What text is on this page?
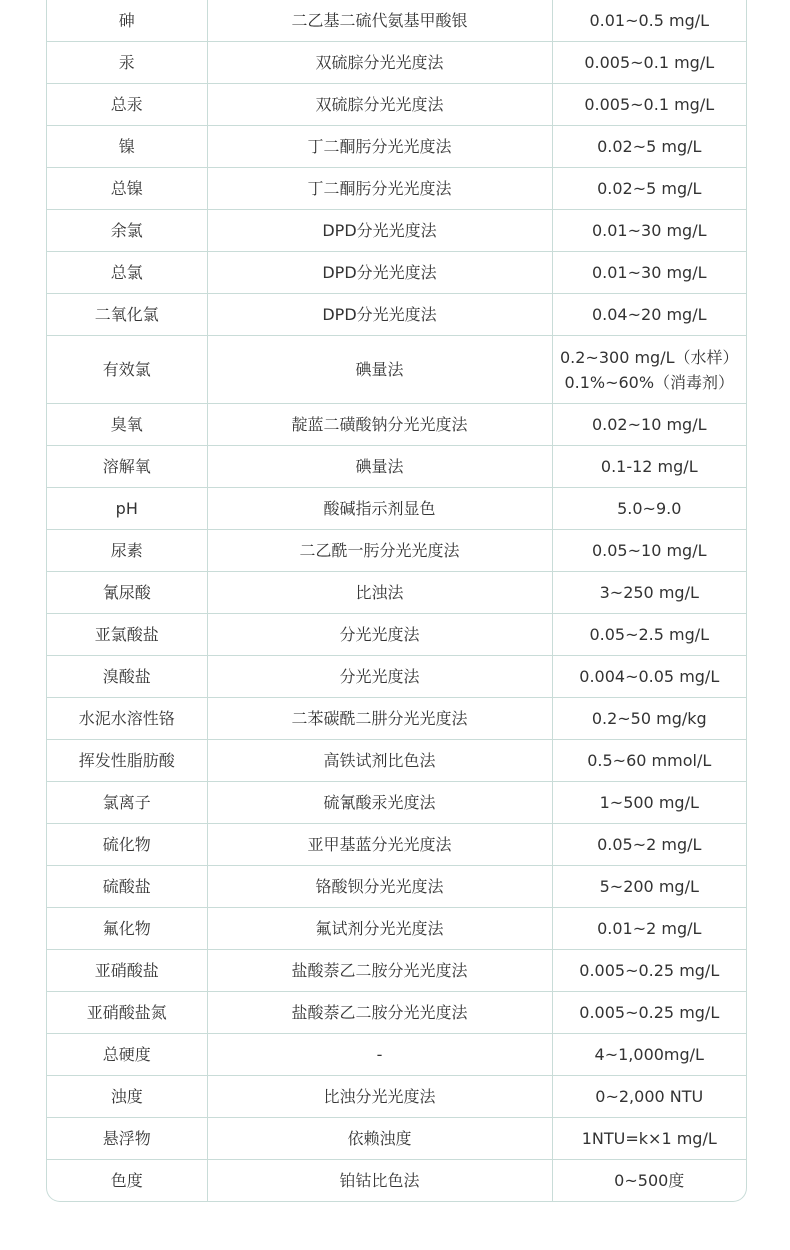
砷	二乙基二硫代氨基甲酸银	0.01~0.5 mg/L

汞	双硫腙分光光度法	0.005~0.1 mg/L

总汞	双硫腙分光光度法	0.005~0.1 mg/L

镍	丁二酮肟分光光度法	0.02~5 mg/L

总镍	丁二酮肟分光光度法	0.02~5 mg/L

余氯	DPD分光光度法	0.01~30 mg/L

总氯	DPD分光光度法	0.01~30 mg/L

二氧化氯	DPD分光光度法	0.04~20 mg/L

有效氯	碘量法	0.2~300 mg/L（水样）
0.1%~60%（消毒剂）

臭氧	靛蓝二磺酸钠分光光度法	0.02~10 mg/L

溶解氧	碘量法	0.1-12 mg/L

pH	酸碱指示剂显色	5.0~9.0

尿素	二乙酰一肟分光光度法	0.05~10 mg/L

氰尿酸	比浊法	3~250 mg/L

亚氯酸盐	分光光度法	0.05~2.5 mg/L

溴酸盐	分光光度法	0.004~0.05 mg/L

水泥水溶性铬	二苯碳酰二肼分光光度法	0.2~50 mg/kg

挥发性脂肪酸	高铁试剂比色法	0.5~60 mmol/L

氯离子	硫氰酸汞光度法	1~500 mg/L

硫化物	亚甲基蓝分光光度法	0.05~2 mg/L

硫酸盐	铬酸钡分光光度法	5~200 mg/L

氟化物	氟试剂分光光度法	0.01~2 mg/L

亚硝酸盐	盐酸萘乙二胺分光光度法	0.005~0.25 mg/L

亚硝酸盐氮	盐酸萘乙二胺分光光度法	0.005~0.25 mg/L

总硬度	-	4~1,000mg/L

浊度	比浊分光光度法	0~2,000 NTU

悬浮物	依赖浊度	1NTU=k×1 mg/L

色度	铂钴比色法	0~500度
